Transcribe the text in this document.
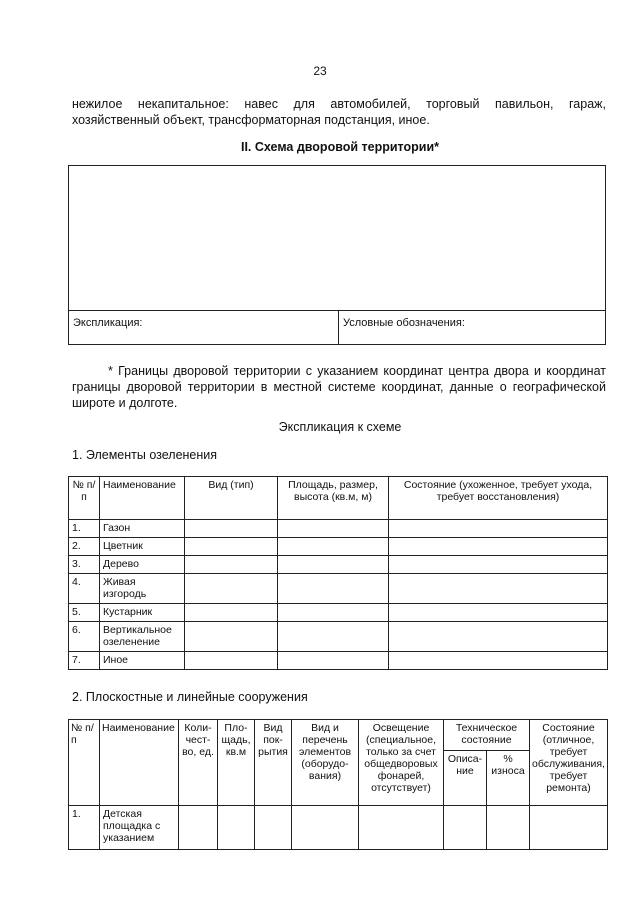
23
нежилое некапитальное: навес для автомобилей, торговый павильон, гараж, хозяйственный объект, трансформаторная подстанция, иное.
II. Схема дворовой территории*
Экспликация:	Условные обозначения:
* Границы дворовой территории с указанием координат центра двора и координат границы дворовой территории в местной системе координат, данные о географической широте и долготе.
Экспликация к схеме
1. Элементы озеленения
№ п/п	Наименование	Вид (тип)	Площадь, размер, высота (кв.м, м)	Состояние (ухоженное, требует ухода, требует восстановления)
1.	Газон			
2.	Цветник			
3.	Дерево			
4.	Живая изгородь			
5.	Кустарник			
6.	Вертикальное озеленение			
7.	Иное			
2. Плоскостные и линейные сооружения
№ п/п	Наименование	Коли-чест-во, ед.	Пло-щадь, кв.м	Вид пок-рытия	Вид и перечень элементов (оборудо-вания)	Освещение (специальное, только за счет общедворовых фонарей, отсутствует)	Техническое состояние		Состояние (отличное, требует обслуживания, требует ремонта)
							Описа-ние	% износа	
1.	Детская площадка с указанием								
